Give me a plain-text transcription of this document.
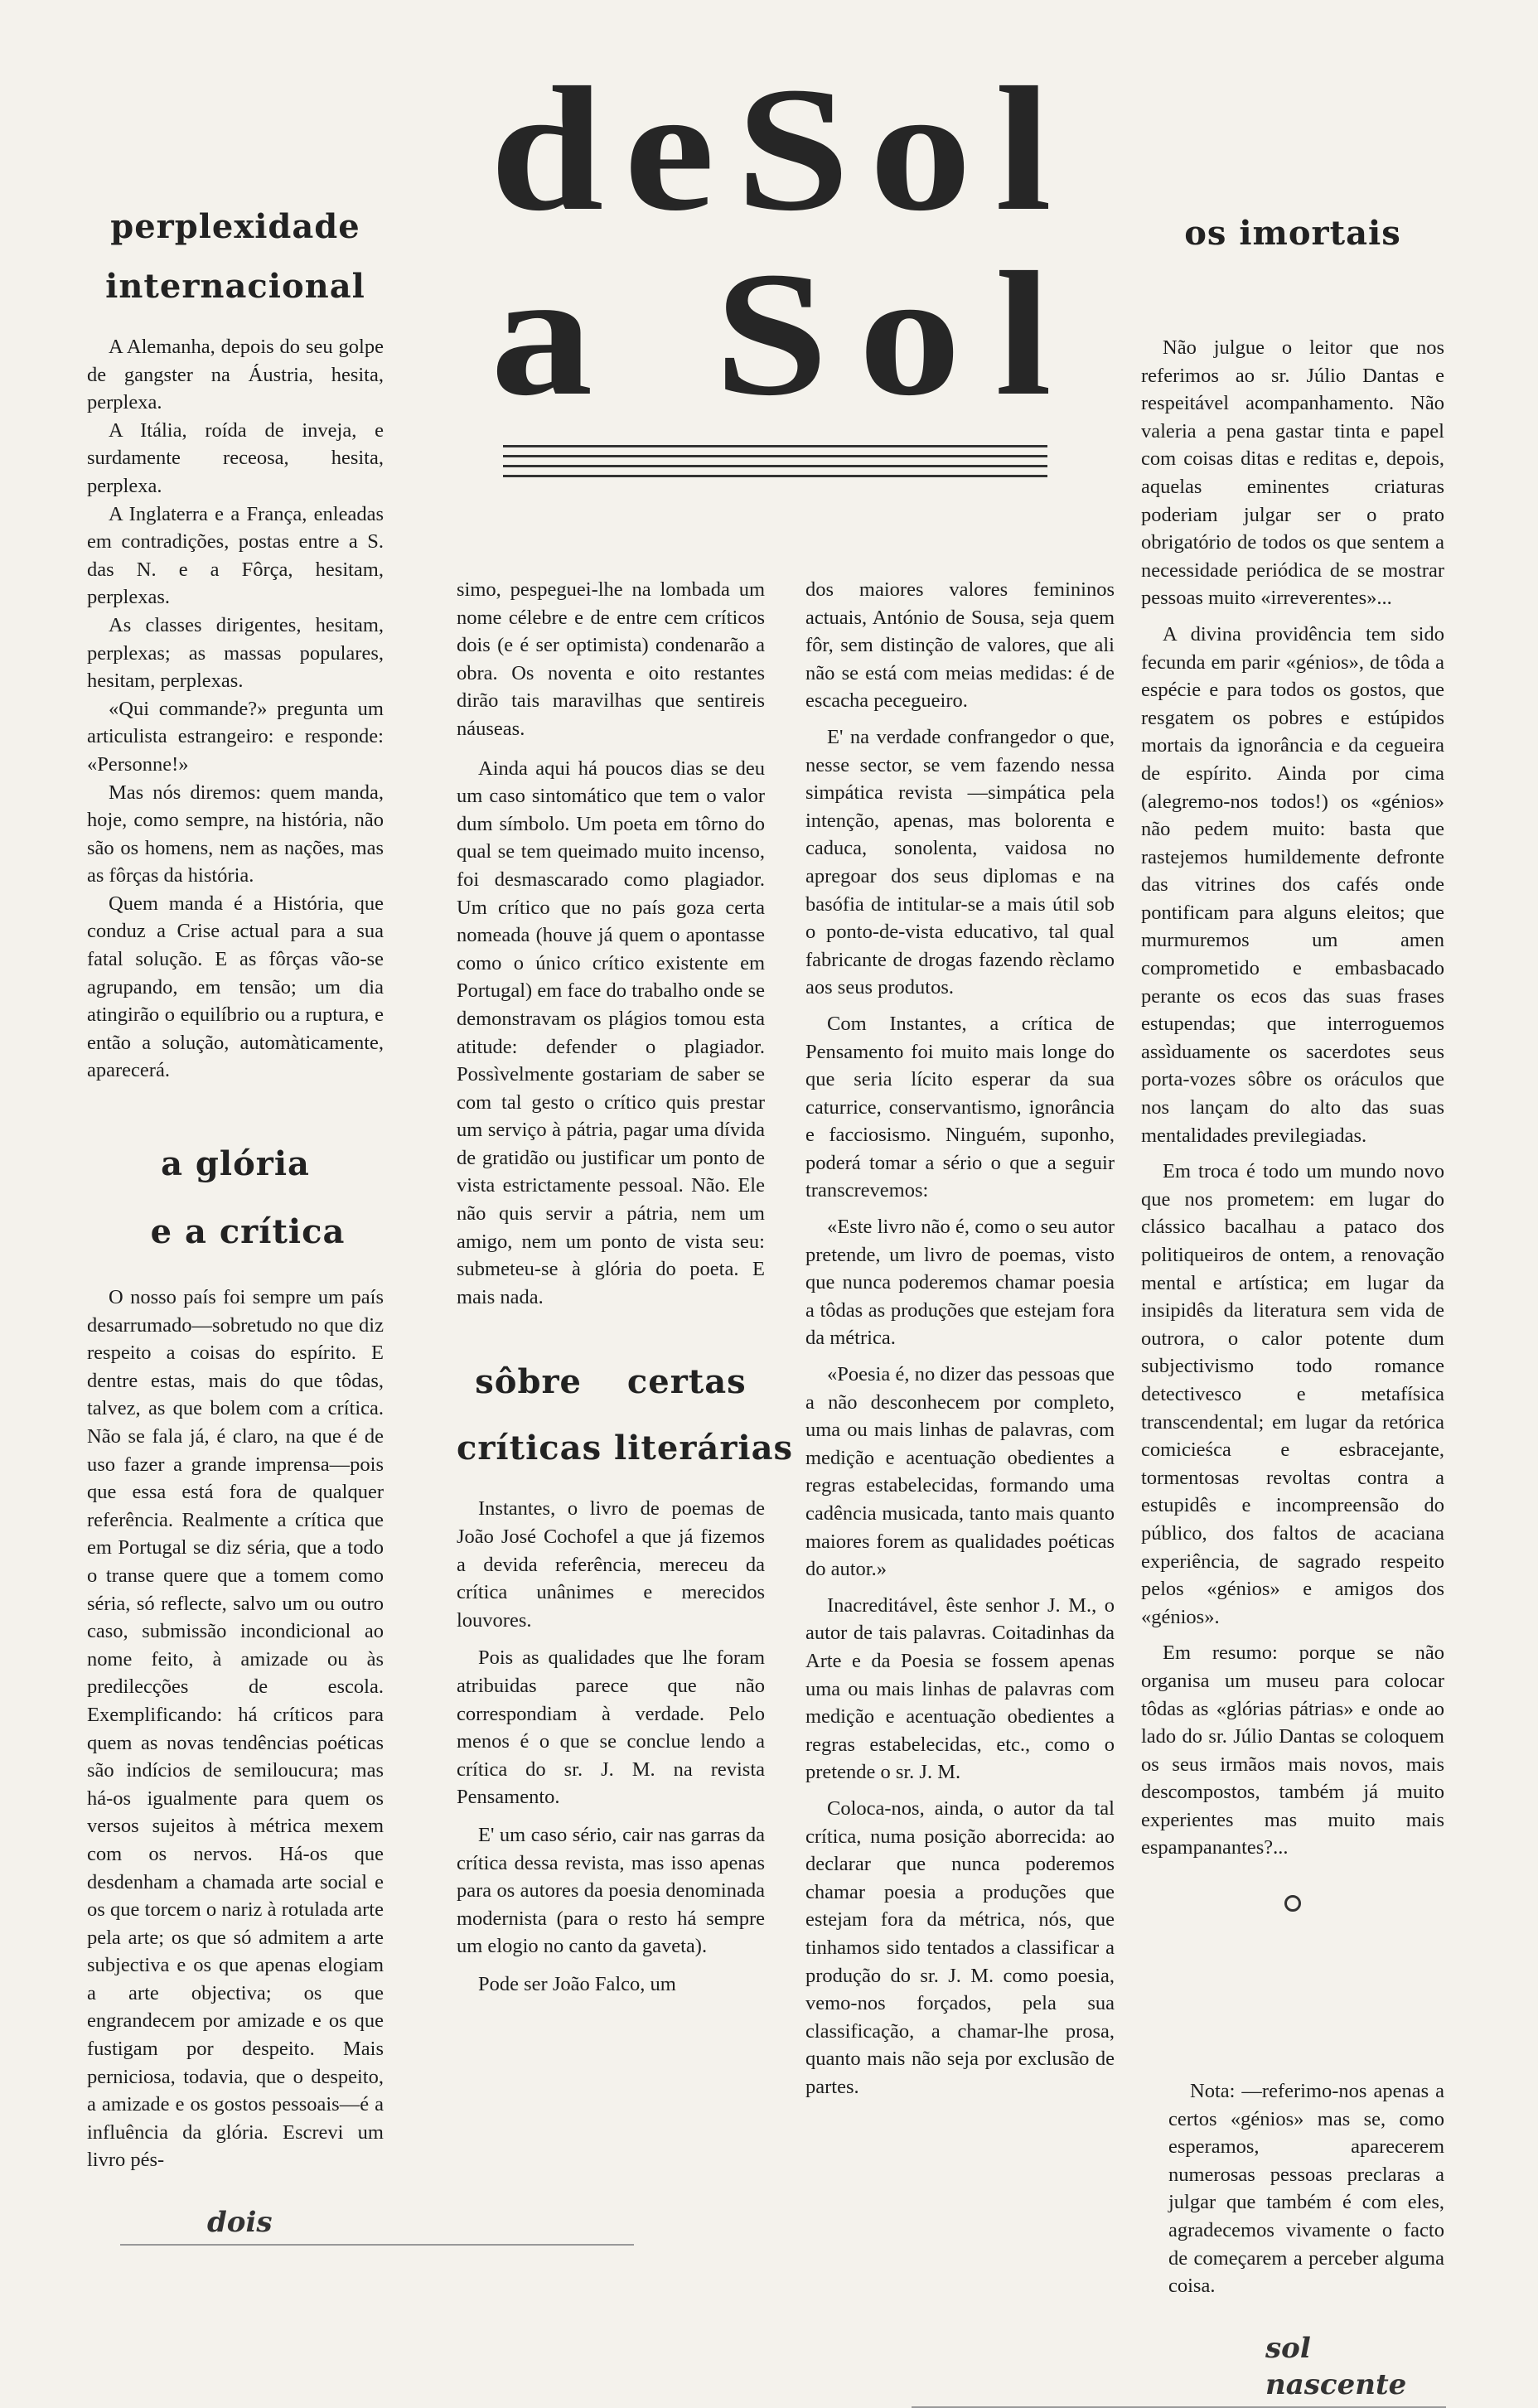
d e S o l
a S o l
perplexidade
internacional

A Alemanha, depois do seu golpe de gangster na Áustria, hesita, perplexa.

A Itália, roída de inveja, e surdamente receosa, hesita, perplexa.

A Inglaterra e a França, enleadas em contradições, postas entre a S. das N. e a Fôrça, hesitam, perplexas.

As classes dirigentes, hesitam, perplexas; as massas populares, hesitam, perplexas.

«Qui commande?» pregunta um articulista estrangeiro: e responde: «Personne!»

Mas nós diremos: quem manda, hoje, como sempre, na história, não são os homens, nem as nações, mas as fôrças da história.

Quem manda é a História, que conduz a Crise actual para a sua fatal solução. E as fôrças vão-se agrupando, em tensão; um dia atingirão o equilíbrio ou a ruptura, e então a solução, automàticamente, aparecerá.

a glória
e a crítica

O nosso país foi sempre um país desarrumado—sobretudo no que diz respeito a coisas do espírito. E dentre estas, mais do que tôdas, talvez, as que bolem com a crítica. Não se fala já, é claro, na que é de uso fazer a grande imprensa—pois que essa está fora de qualquer referência. Realmente a crítica que em Portugal se diz séria, que a todo o transe quere que a tomem como séria, só reflecte, salvo um ou outro caso, submissão incondicional ao nome feito, à amizade ou às predilecções de escola. Exemplificando: há críticos para quem as novas tendências poéticas são indícios de semiloucura; mas há-os igualmente para quem os versos sujeitos à métrica mexem com os nervos. Há-os que desdenham a chamada arte social e os que torcem o nariz à rotulada arte pela arte; os que só admitem a arte subjectiva e os que apenas elogiam a arte objectiva; os que engrandecem por amizade e os que fustigam por despeito. Mais perniciosa, todavia, que o despeito, a amizade e os gostos pessoais—é a influência da glória. Escrevi um livro pés-

dois

simo, pespeguei-lhe na lombada um nome célebre e de entre cem críticos dois (e é ser optimista) condenarão a obra. Os noventa e oito restantes dirão tais maravilhas que sentireis náuseas.

Ainda aqui há poucos dias se deu um caso sintomático que tem o valor dum símbolo. Um poeta em tôrno do qual se tem queimado muito incenso, foi desmascarado como plagiador. Um crítico que no país goza certa nomeada (houve já quem o apontasse como o único crítico existente em Portugal) em face do trabalho onde se demonstravam os plágios tomou esta atitude: defender o plagiador. Possìvelmente gostariam de saber se com tal gesto o crítico quis prestar um serviço à pátria, pagar uma dívida de gratidão ou justificar um ponto de vista estrictamente pessoal. Não. Ele não quis servir a pátria, nem um amigo, nem um ponto de vista seu: submeteu-se à glória do poeta. E mais nada.

sôbre certas
críticas literárias

Instantes, o livro de poemas de João José Cochofel a que já fizemos a devida referência, mereceu da crítica unânimes e merecidos louvores.

Pois as qualidades que lhe foram atribuidas parece que não correspondiam à verdade. Pelo menos é o que se conclue lendo a crítica do sr. J. M. na revista Pensamento.

E' um caso sério, cair nas garras da crítica dessa revista, mas isso apenas para os autores da poesia denominada modernista (para o resto há sempre um elogio no canto da gaveta).

Pode ser João Falco, um

dos maiores valores femininos actuais, António de Sousa, seja quem fôr, sem distinção de valores, que ali não se está com meias medidas: é de escacha pecegueiro.

E' na verdade confrangedor o que, nesse sector, se vem fazendo nessa simpática revista —simpática pela intenção, apenas, mas bolorenta e caduca, sonolenta, vaidosa no apregoar dos seus diplomas e na basófia de intitular-se a mais útil sob o ponto-de-vista educativo, tal qual fabricante de drogas fazendo rèclamo aos seus produtos.

Com Instantes, a crítica de Pensamento foi muito mais longe do que seria lícito esperar da sua caturrice, conservantismo, ignorância e facciosismo. Ninguém, suponho, poderá tomar a sério o que a seguir transcrevemos:

«Este livro não é, como o seu autor pretende, um livro de poemas, visto que nunca poderemos chamar poesia a tôdas as produções que estejam fora da métrica.

«Poesia é, no dizer das pessoas que a não desconhecem por completo, uma ou mais linhas de palavras, com medição e acentuação obedientes a regras estabelecidas, formando uma cadência musicada, tanto mais quanto maiores forem as qualidades poéticas do autor.»

Inacreditável, êste senhor J. M., o autor de tais palavras. Coitadinhas da Arte e da Poesia se fossem apenas uma ou mais linhas de palavras com medição e acentuação obedientes a regras estabelecidas, etc., como o pretende o sr. J. M.

Coloca-nos, ainda, o autor da tal crítica, numa posição aborrecida: ao declarar que nunca poderemos chamar poesia a produções que estejam fora da métrica, nós, que tinhamos sido tentados a classificar a produção do sr. J. M. como poesia, vemo-nos forçados, pela sua classificação, a chamar-lhe prosa, quanto mais não seja por exclusão de partes.

os imortais

Não julgue o leitor que nos referimos ao sr. Júlio Dantas e respeitável acompanhamento. Não valeria a pena gastar tinta e papel com coisas ditas e reditas e, depois, aquelas eminentes criaturas poderiam julgar ser o prato obrigatório de todos os que sentem a necessidade periódica de se mostrar pessoas muito «irreverentes»...

A divina providência tem sido fecunda em parir «génios», de tôda a espécie e para todos os gostos, que resgatem os pobres e estúpidos mortais da ignorância e da cegueira de espírito. Ainda por cima (alegremo-nos todos!) os «génios» não pedem muito: basta que rastejemos humildemente defronte das vitrines dos cafés onde pontificam para alguns eleitos; que murmuremos um amen comprometido e embasbacado perante os ecos das suas frases estupendas; que interroguemos assìduamente os sacerdotes seus porta-vozes sôbre os oráculos que nos lançam do alto das suas mentalidades previlegiadas.

Em troca é todo um mundo novo que nos prometem: em lugar do clássico bacalhau a pataco dos politiqueiros de ontem, a renovação mental e artística; em lugar da insipidês da literatura sem vida de outrora, o calor potente dum subjectivismo todo romance detectivesco e metafísica transcendental; em lugar da retórica comicieśca e esbracejante, tormentosas revoltas contra a estupidês e incompreensão do público, dos faltos de acaciana experiência, de sagrado respeito pelos «génios» e amigos dos «génios».

Em resumo: porque se não organisa um museu para colocar tôdas as «glórias pátrias» e onde ao lado do sr. Júlio Dantas se coloquem os seus irmãos mais novos, mais descompostos, também já muito experientes mas muito mais espampanantes?...

Nota: —referimo-nos apenas a certos «génios» mas se, como esperamos, aparecerem numerosas pessoas preclaras a julgar que também é com eles, agradecemos vivamente o facto de começarem a perceber alguma coisa.

sol nascente
